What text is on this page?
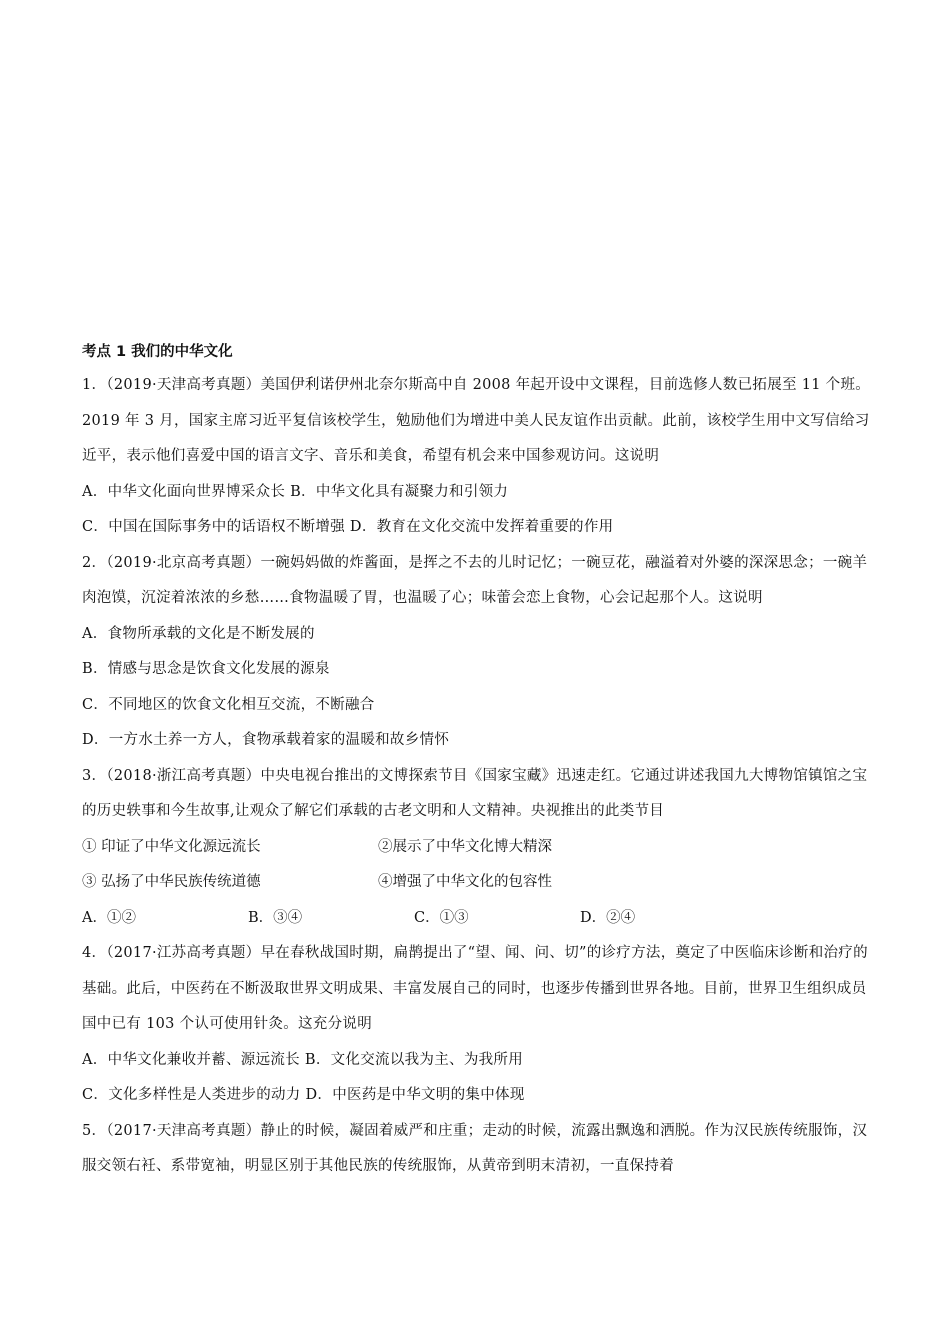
考点 1 我们的中华文化

1．（2019·天津高考真题）美国伊利诺伊州北奈尔斯高中自 2008 年起开设中文课程，目前选修人数已拓展至 11 个班。2019 年 3 月，国家主席习近平复信该校学生，勉励他们为增进中美人民友谊作出贡献。此前，该校学生用中文写信给习近平，表示他们喜爱中国的语言文字、音乐和美食，希望有机会来中国参观访问。这说明

A．中华文化面向世界博采众长 B．中华文化具有凝聚力和引领力

C．中国在国际事务中的话语权不断增强 D．教育在文化交流中发挥着重要的作用

2．（2019·北京高考真题）一碗妈妈做的炸酱面，是挥之不去的儿时记忆；一碗豆花，融溢着对外婆的深深思念；一碗羊肉泡馍，沉淀着浓浓的乡愁……食物温暖了胃，也温暖了心；味蕾会恋上食物，心会记起那个人。这说明

A．食物所承载的文化是不断发展的

B．情感与思念是饮食文化发展的源泉

C．不同地区的饮食文化相互交流，不断融合

D．一方水土养一方人，食物承载着家的温暖和故乡情怀

3．（2018·浙江高考真题）中央电视台推出的文博探索节目《国家宝藏》迅速走红。它通过讲述我国九大博物馆镇馆之宝的历史轶事和今生故事,让观众了解它们承载的古老文明和人文精神。央视推出的此类节目

① 印证了中华文化源远流长	②展示了中华文化博大精深
③ 弘扬了中华民族传统道德	④增强了中华文化的包容性
A．①②	B．③④	C．①③	D．②④

4．（2017·江苏高考真题）早在春秋战国时期，扁鹊提出了“望、闻、问、切”的诊疗方法，奠定了中医临床诊断和治疗的基础。此后，中医药在不断汲取世界文明成果、丰富发展自己的同时，也逐步传播到世界各地。目前，世界卫生组织成员国中已有 103 个认可使用针灸。这充分说明

A．中华文化兼收并蓄、源远流长 B．文化交流以我为主、为我所用

C．文化多样性是人类进步的动力 D．中医药是中华文明的集中体现

5．（2017·天津高考真题）静止的时候，凝固着威严和庄重；走动的时候，流露出飘逸和洒脱。作为汉民族传统服饰，汉服交领右衽、系带宽袖，明显区别于其他民族的传统服饰，从黄帝到明末清初，一直保持着
